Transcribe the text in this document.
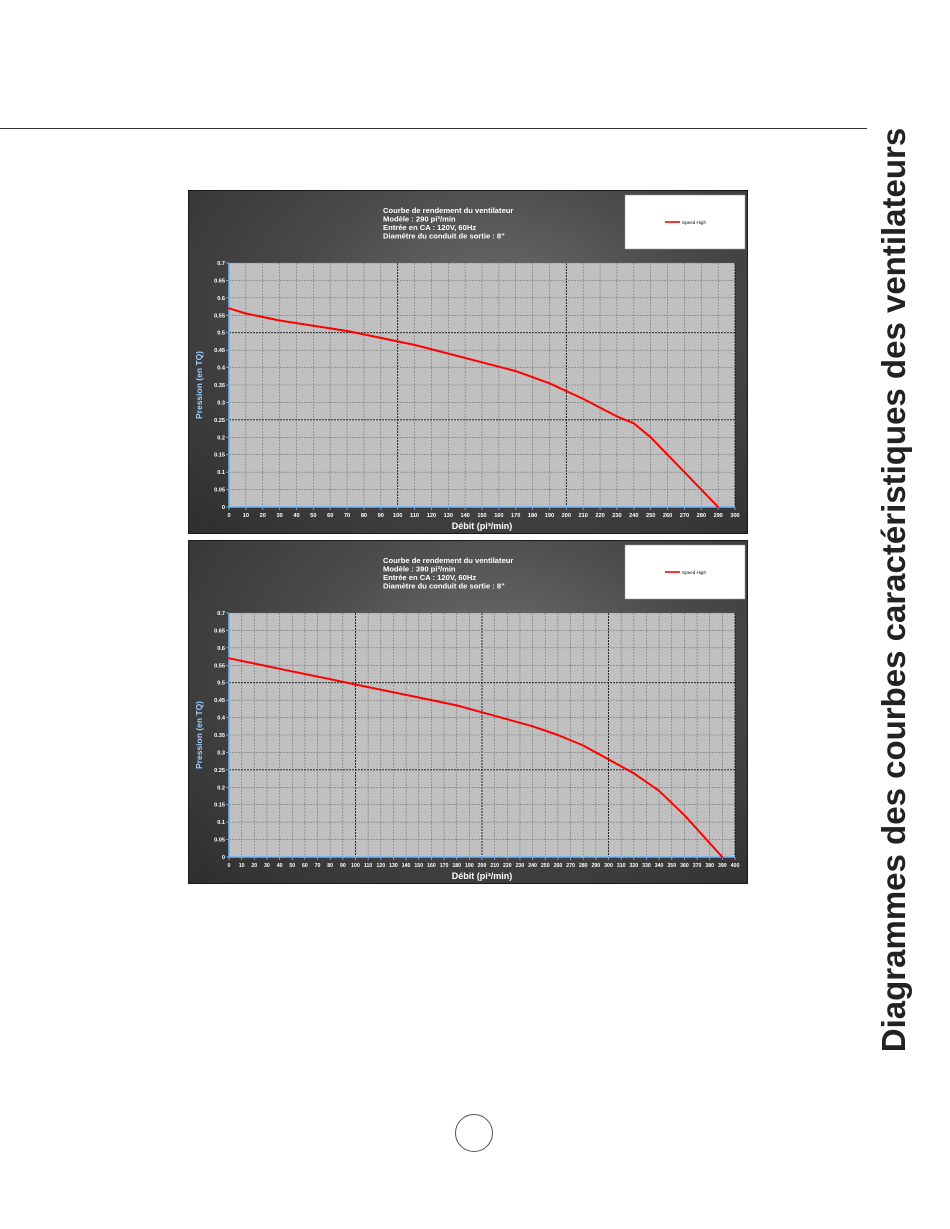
Diagrammes des courbes caractéristiques des ventilateurs
0 10 20 30 40 50 60 70 80 90 100 110 120 130 140 150 160 170 180 190 200 210 220 230 240 250 260 270 280 290 300
0
0.05
0.1
0.15
0.2
0.25
0.3
0.35
0.4
0.45
0.5
0.55
0.6
0.65
0.7
Débit (pi³/min)
Pression (en TQ)
Courbe de rendement du ventilateur
Modèle : 290 pi³/min
Entrée en CA : 120V, 60Hz
Diamètre du conduit de sortie : 8"
Speed High
0 10 20 30 40 50 60 70 80 90 100 110 120 130 140 150 160 170 180 190 200 210 220 230 240 250 260 270 280 290 300 310 320 330 340 350 360 370 380 390 400
0
0.05
0.1
0.15
0.2
0.25
0.3
0.35
0.4
0.45
0.5
0.55
0.6
0.65
0.7
Débit (pi³/min)
Pression (en TQ)
Courbe de rendement du ventilateur
Modèle : 390 pi³/min
Entrée en CA : 120V, 60Hz
Diamètre du conduit de sortie : 8"
Speed High
